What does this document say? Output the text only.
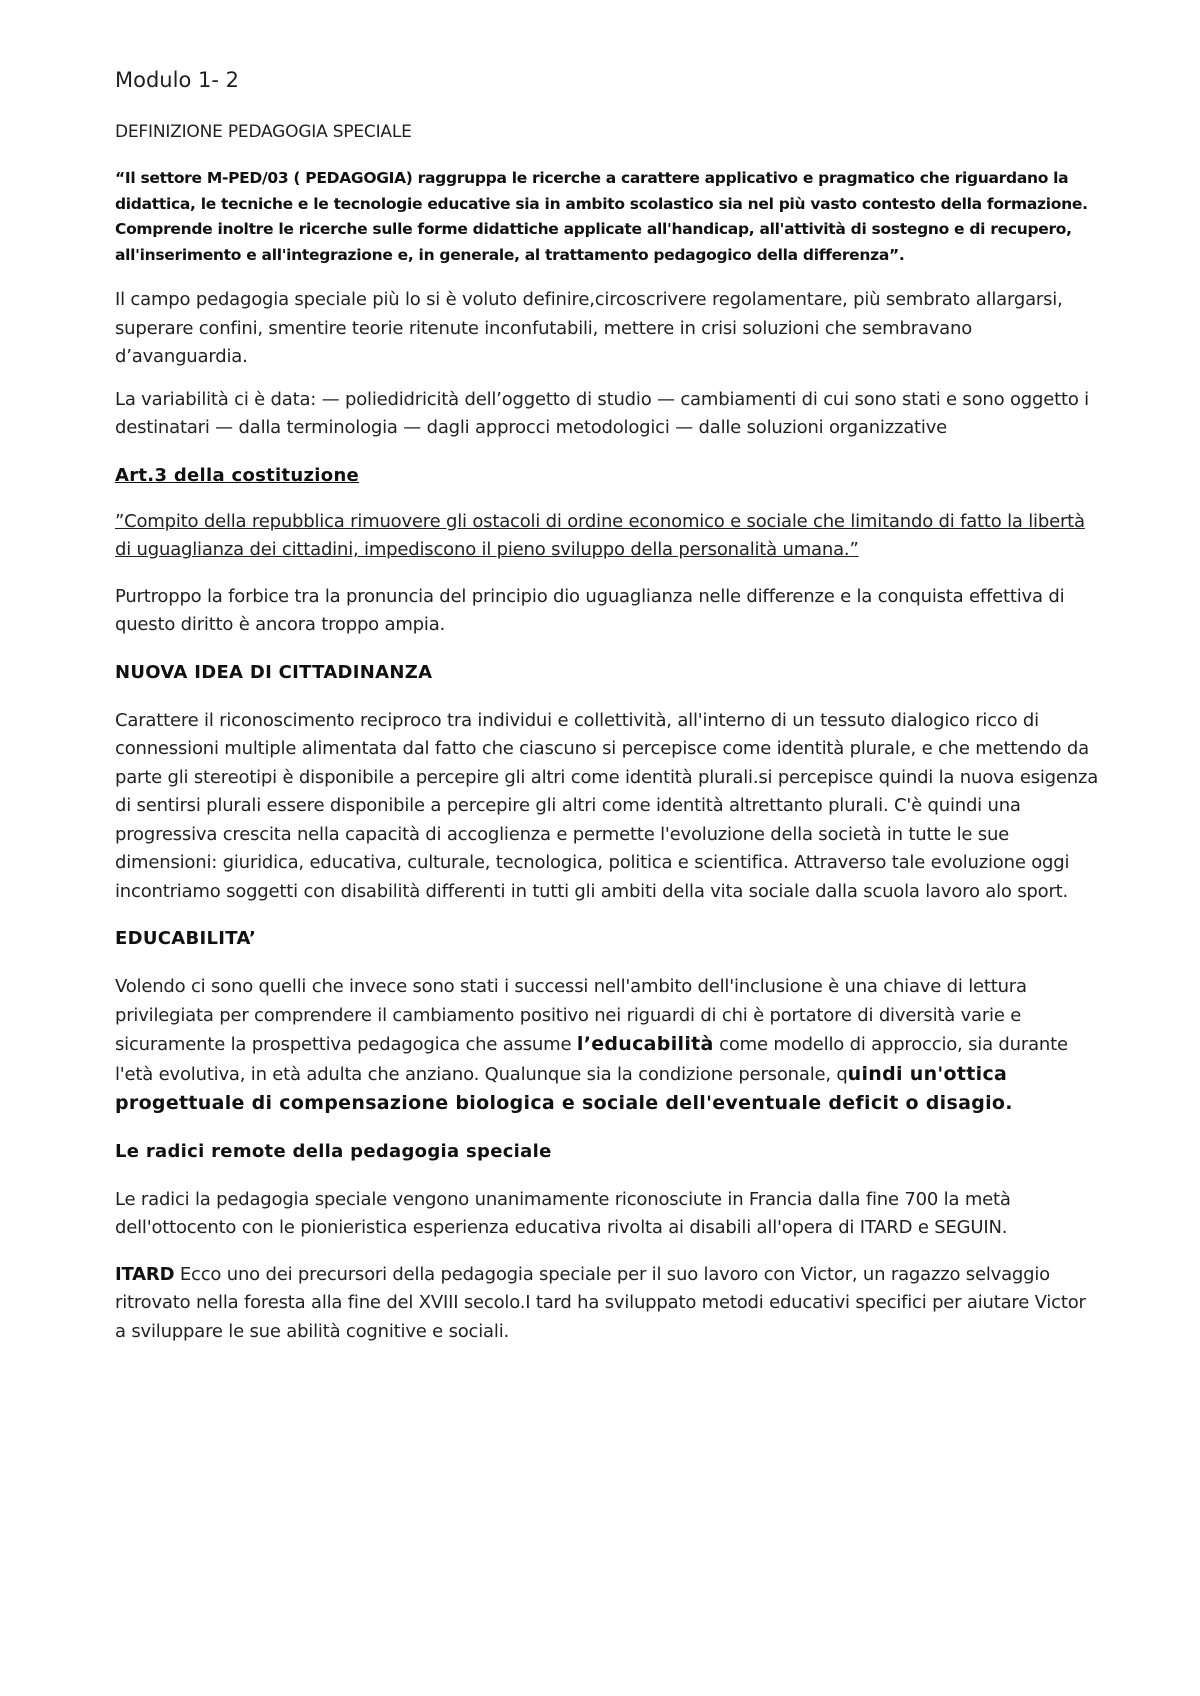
Modulo 1- 2
DEFINIZIONE PEDAGOGIA SPECIALE
“Il settore M-PED/03 ( PEDAGOGIA) raggruppa le ricerche a carattere applicativo e pragmatico che riguardano la didattica, le tecniche e le tecnologie educative sia in ambito scolastico sia nel più vasto contesto della formazione. Comprende inoltre le ricerche sulle forme didattiche applicate all'handicap, all'attività di sostegno e di recupero, all'inserimento e all'integrazione e, in generale, al trattamento pedagogico della differenza”.

Il campo pedagogia speciale più lo si è voluto definire,circoscrivere regolamentare, più sembrato allargarsi, superare confini, smentire teorie ritenute inconfutabili, mettere in crisi soluzioni che sembravano d’avanguardia.

La variabilità ci è data: — poliedidricità dell’oggetto di studio — cambiamenti di cui sono stati e sono oggetto i destinatari — dalla terminologia — dagli approcci metodologici — dalle soluzioni organizzative

Art.3 della costituzione

”Compito della repubblica rimuovere gli ostacoli di ordine economico e sociale che limitando di fatto la libertà di uguaglianza dei cittadini, impediscono il pieno sviluppo della personalità umana.”

Purtroppo la forbice tra la pronuncia del principio dio uguaglianza nelle differenze e la conquista effettiva di questo diritto è ancora troppo ampia.

NUOVA IDEA DI CITTADINANZA

Carattere il riconoscimento reciproco tra individui e collettività, all'interno di un tessuto dialogico ricco di connessioni multiple alimentata dal fatto che ciascuno si percepisce come identità plurale, e che mettendo da parte gli stereotipi è disponibile a percepire gli altri come identità plurali.si percepisce quindi la nuova esigenza di sentirsi plurali essere disponibile a percepire gli altri come identità altrettanto plurali. C'è quindi una progressiva crescita nella capacità di accoglienza e permette l'evoluzione della società in tutte le sue dimensioni: giuridica, educativa, culturale, tecnologica, politica e scientifica. Attraverso tale evoluzione oggi incontriamo soggetti con disabilità differenti in tutti gli ambiti della vita sociale dalla scuola lavoro alo sport.

EDUCABILITA’

Volendo ci sono quelli che invece sono stati i successi nell'ambito dell'inclusione è una chiave di lettura privilegiata per comprendere il cambiamento positivo nei riguardi di chi è portatore di diversità varie e sicuramente la prospettiva pedagogica che assume l’educabilità come modello di approccio, sia durante l'età evolutiva, in età adulta che anziano. Qualunque sia la condizione personale, quindi un'ottica progettuale di compensazione biologica e sociale dell'eventuale deficit o disagio.

Le radici remote della pedagogia speciale

Le radici la pedagogia speciale vengono unanimamente riconosciute in Francia dalla fine 700 la metà dell'ottocento con le pionieristica esperienza educativa rivolta ai disabili all'opera di ITARD e SEGUIN.

ITARD Ecco uno dei precursori della pedagogia speciale per il suo lavoro con Victor, un ragazzo selvaggio ritrovato nella foresta alla fine del XVIII secolo.I tard ha sviluppato metodi educativi specifici per aiutare Victor a sviluppare le sue abilità cognitive e sociali.
